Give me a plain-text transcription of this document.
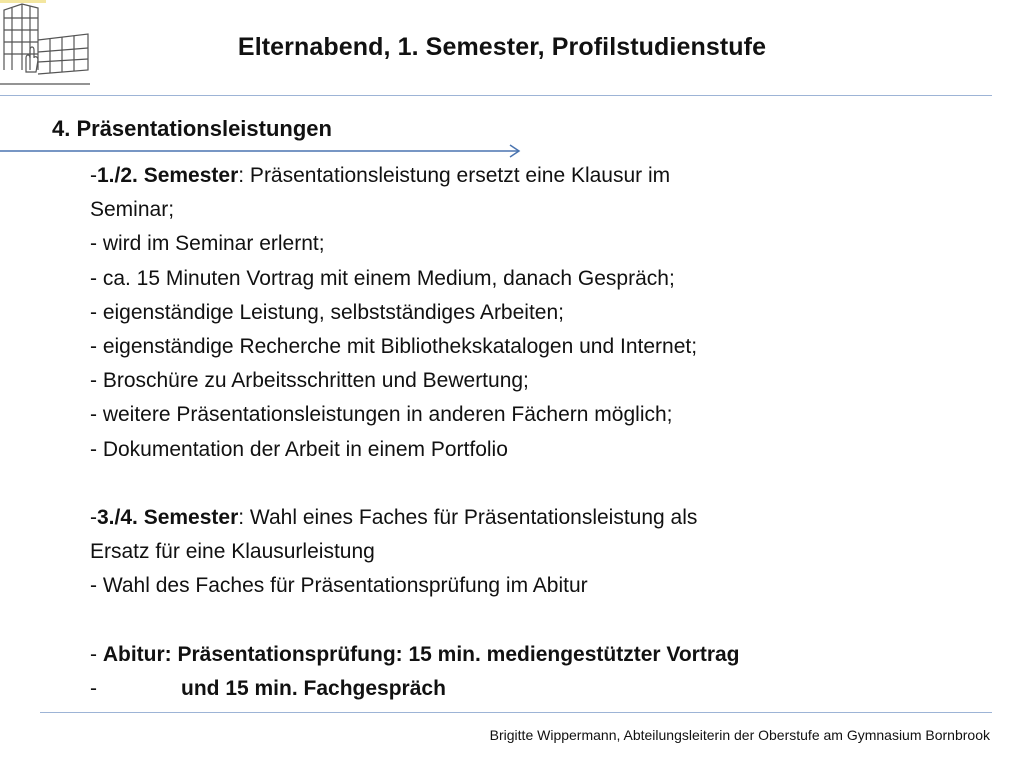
Elternabend, 1. Semester, Profilstudienstufe
4. Präsentationsleistungen
-1./2. Semester: Präsentationsleistung ersetzt eine Klausur im
Seminar;
- wird im Seminar erlernt;
- ca. 15 Minuten Vortrag mit einem Medium, danach Gespräch;
- eigenständige Leistung, selbstständiges Arbeiten;
- eigenständige Recherche mit Bibliothekskatalogen und Internet;
- Broschüre zu Arbeitsschritten und Bewertung;
- weitere Präsentationsleistungen in anderen Fächern möglich;
- Dokumentation der Arbeit in einem Portfolio
-3./4. Semester: Wahl eines Faches für Präsentationsleistung als
Ersatz für eine Klausurleistung
- Wahl des Faches für Präsentationsprüfung im Abitur
- Abitur: Präsentationsprüfung: 15 min. mediengestützter Vortrag
-	und 15 min. Fachgespräch
Brigitte Wippermann, Abteilungsleiterin der Oberstufe am Gymnasium Bornbrook
